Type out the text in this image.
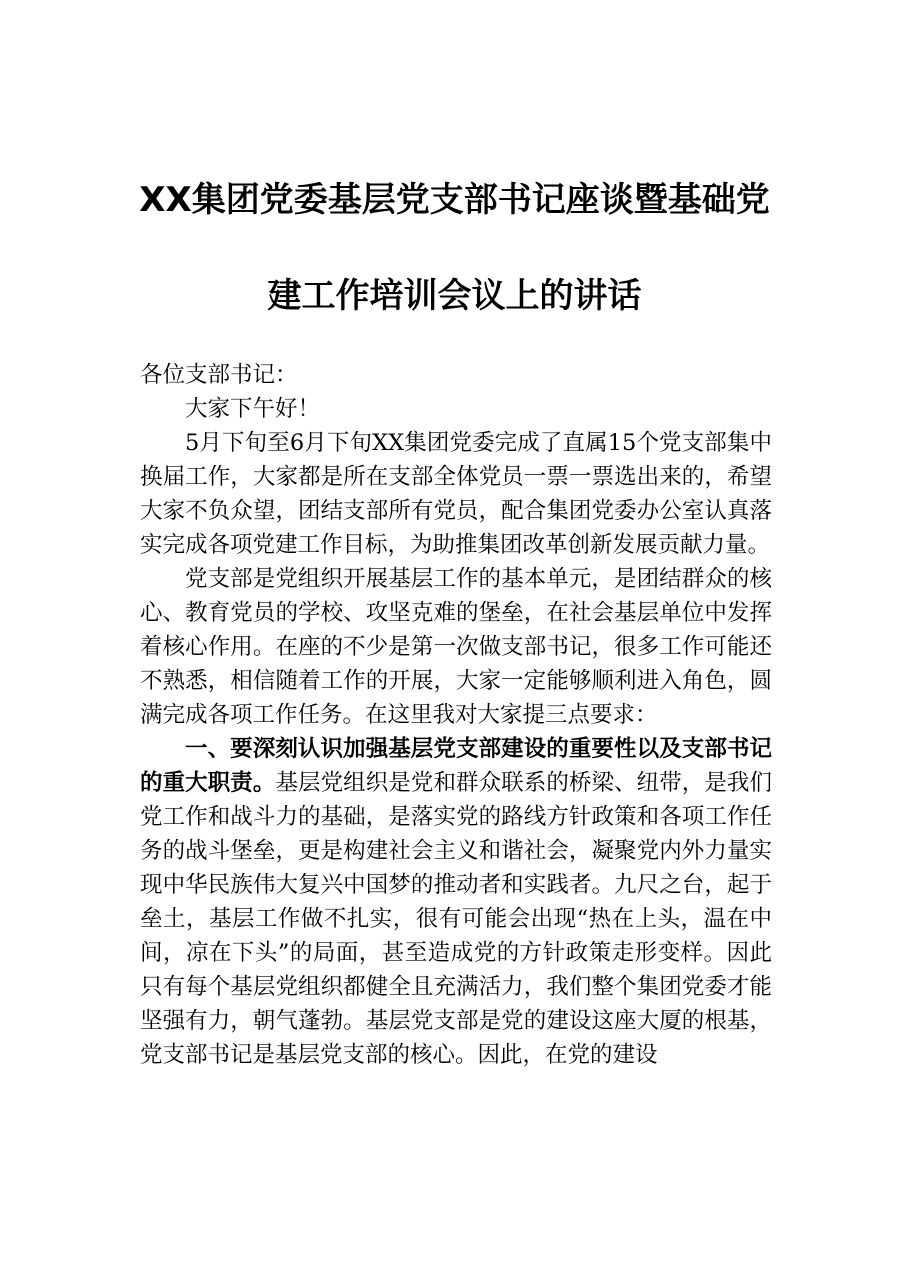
XX集团党委基层党支部书记座谈暨基础党
建工作培训会议上的讲话

各位支部书记：

大家下午好！

5月下旬至6月下旬XX集团党委完成了直属15个党支部集中换届工作，大家都是所在支部全体党员一票一票选出来的，希望大家不负众望，团结支部所有党员，配合集团党委办公室认真落实完成各项党建工作目标，为助推集团改革创新发展贡献力量。

党支部是党组织开展基层工作的基本单元，是团结群众的核心、教育党员的学校、攻坚克难的堡垒，在社会基层单位中发挥着核心作用。在座的不少是第一次做支部书记，很多工作可能还不熟悉，相信随着工作的开展，大家一定能够顺利进入角色，圆满完成各项工作任务。在这里我对大家提三点要求：

一、要深刻认识加强基层党支部建设的重要性以及支部书记的重大职责。基层党组织是党和群众联系的桥梁、纽带，是我们党工作和战斗力的基础，是落实党的路线方针政策和各项工作任务的战斗堡垒，更是构建社会主义和谐社会，凝聚党内外力量实现中华民族伟大复兴中国梦的推动者和实践者。九尺之台，起于垒土，基层工作做不扎实，很有可能会出现“热在上头，温在中间，凉在下头”的局面，甚至造成党的方针政策走形变样。因此只有每个基层党组织都健全且充满活力，我们整个集团党委才能坚强有力，朝气蓬勃。基层党支部是党的建设这座大厦的根基，党支部书记是基层党支部的核心。因此，在党的建设
